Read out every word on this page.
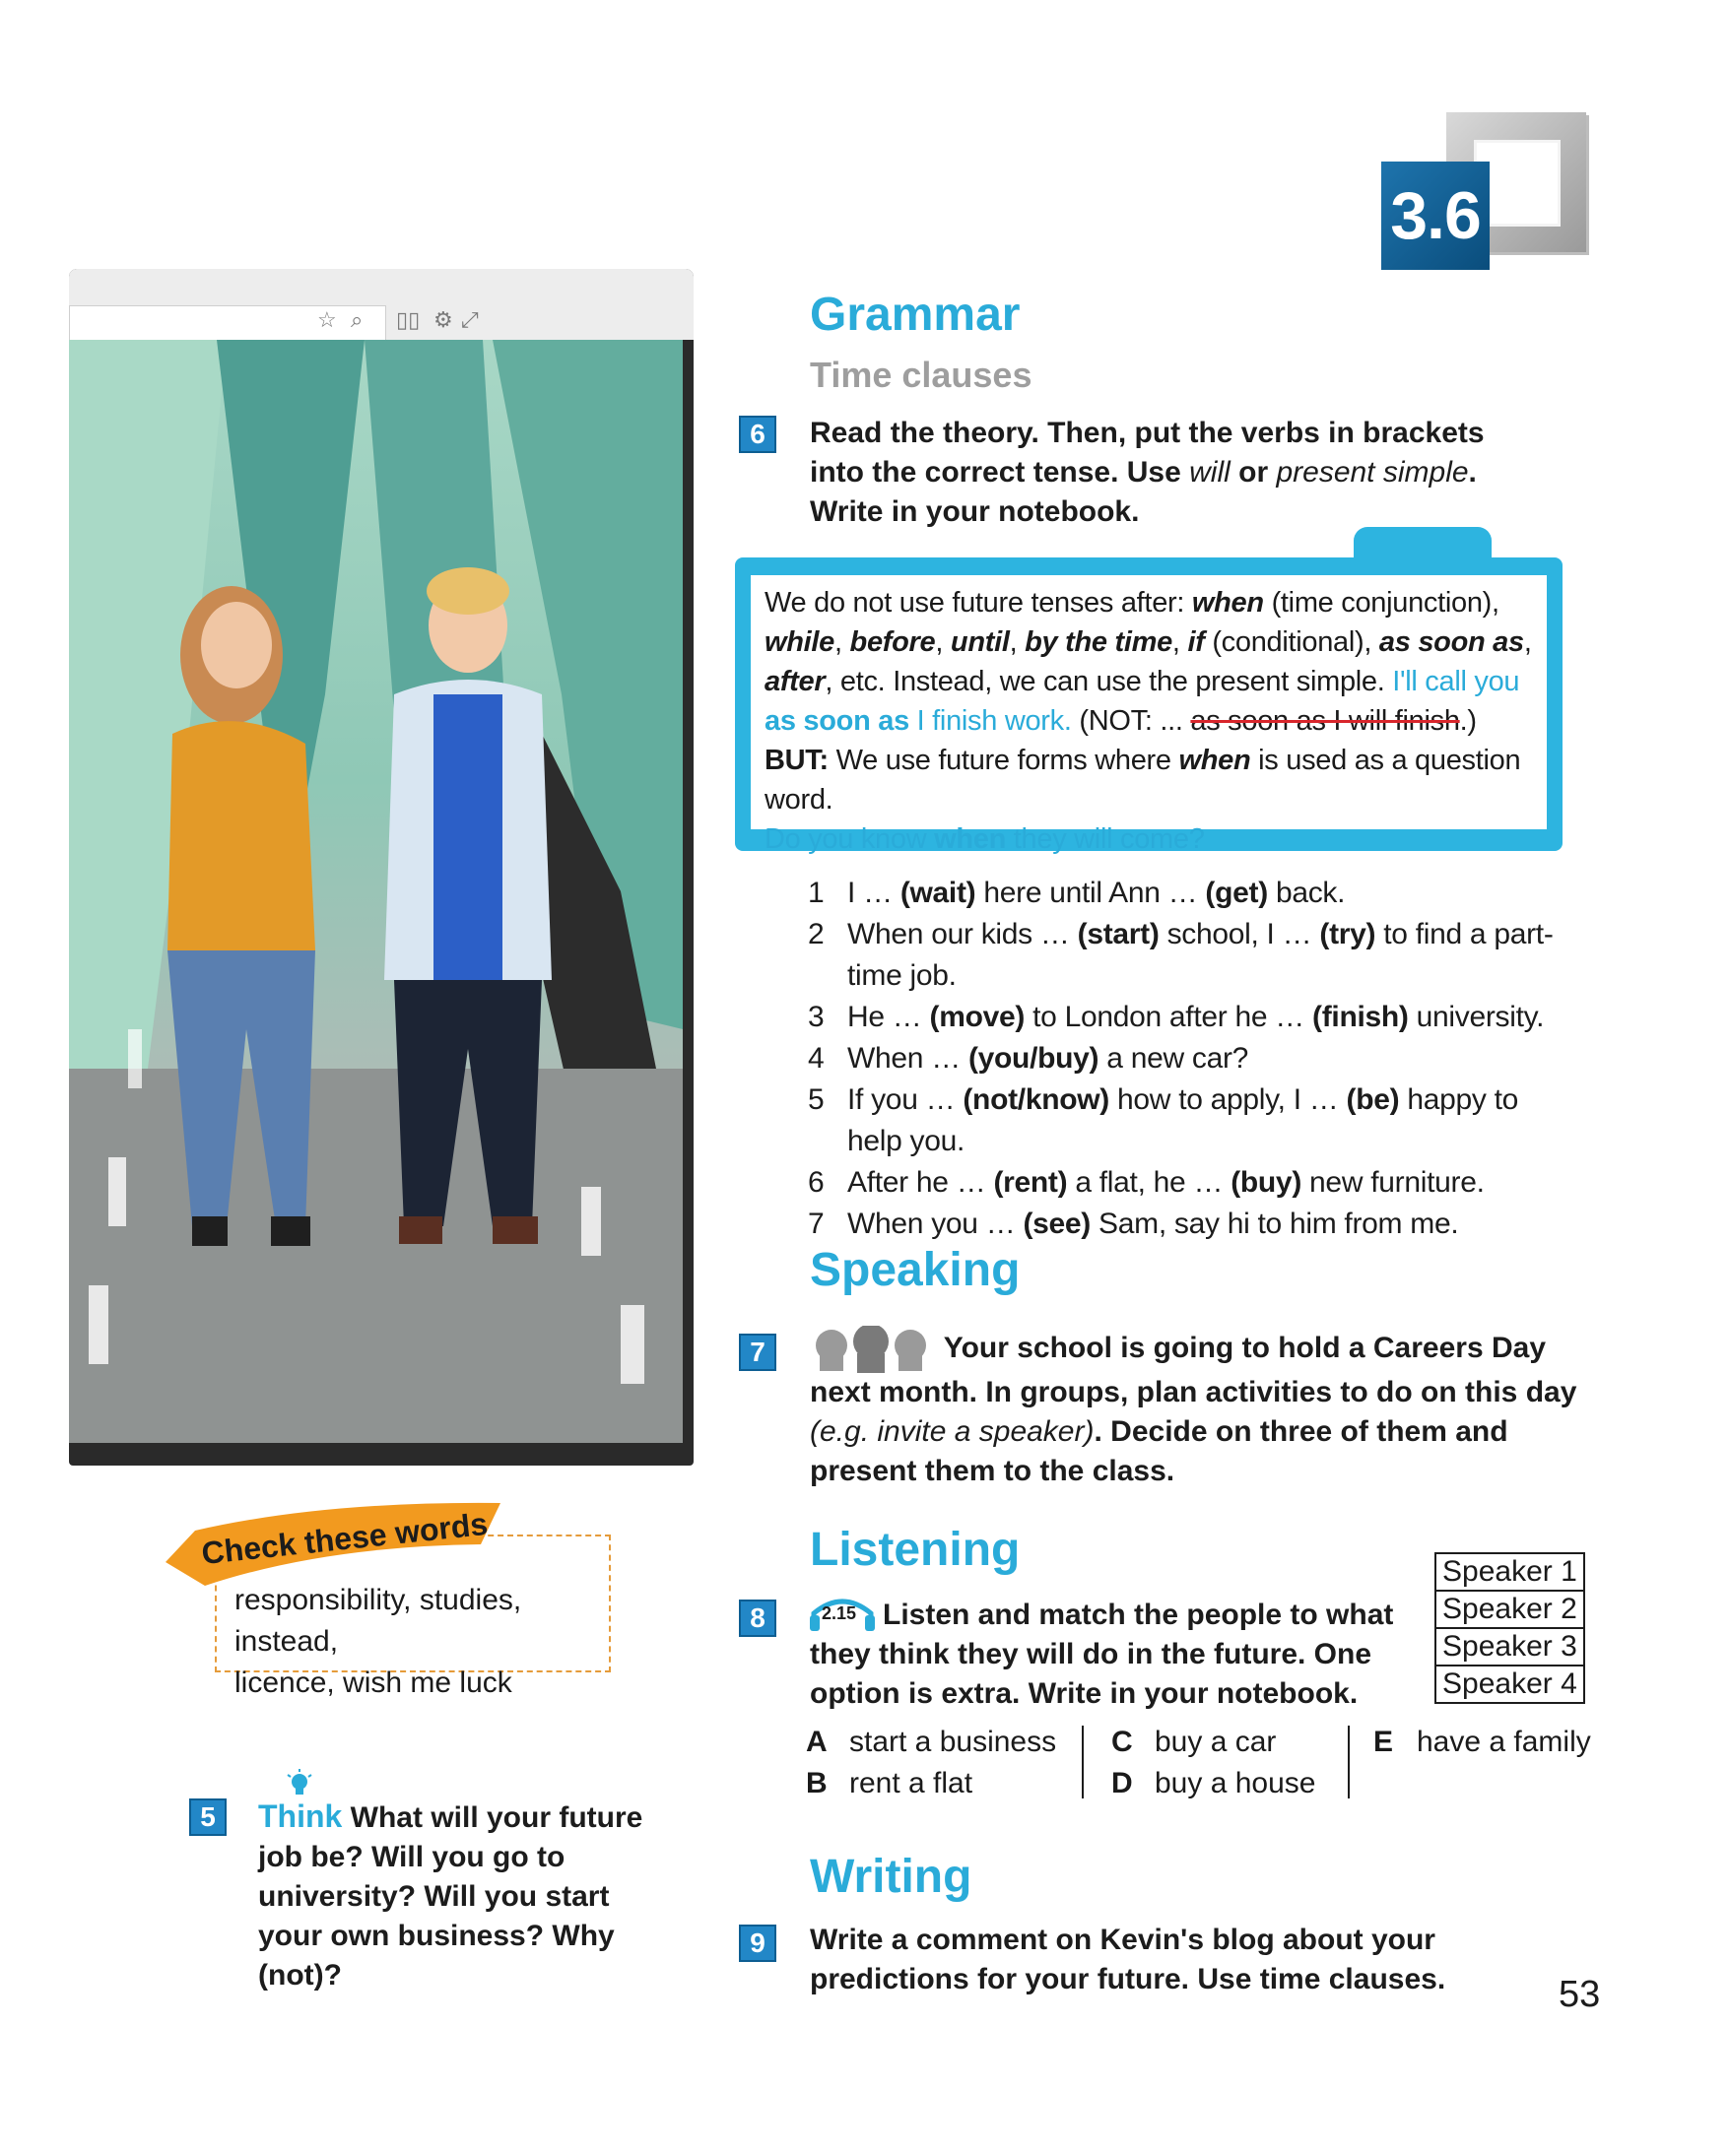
3.6
☆ ⌕ ▯▯ ⚙ ⤢	Grammar
Time clauses
6	Read the theory. Then, put the verbs in brackets into the correct tense. Use will or present simple. Write in your notebook.
We do not use future tenses after: when (time conjunction), while, before, until, by the time, if (conditional), as soon as, after, etc. Instead, we can use the present simple. I'll call you as soon as I finish work. (NOT: ... as soon as I will finish.)
BUT: We use future forms where when is used as a question word.
Do you know when they will come?
1 I … (wait) here until Ann … (get) back.
2 When our kids … (start) school, I … (try) to find a part-time job.
3 He … (move) to London after he … (finish) university.
4 When … (you/buy) a new car?
5 If you … (not/know) how to apply, I … (be) happy to help you.
6 After he … (rent) a flat, he … (buy) new furniture.
7 When you … (see) Sam, say hi to him from me.
Speaking
7	Your school is going to hold a Careers Day next month. In groups, plan activities to do on this day (e.g. invite a speaker). Decide on three of them and present them to the class.
Listening	Speaker 1
Speaker 2
Speaker 3
Speaker 4
8	2.15 Listen and match the people to what they think they will do in the future. One option is extra. Write in your notebook.
A start a business
B rent a flat
C buy a car
D buy a house
E have a family
Writing
9	Write a comment on Kevin's blog about your predictions for your future. Use time clauses.
responsibility, studies, instead,
licence, wish me luck
Check these words
5	Think What will your future job be? Will you go to university? Will you start your own business? Why (not)?	53
